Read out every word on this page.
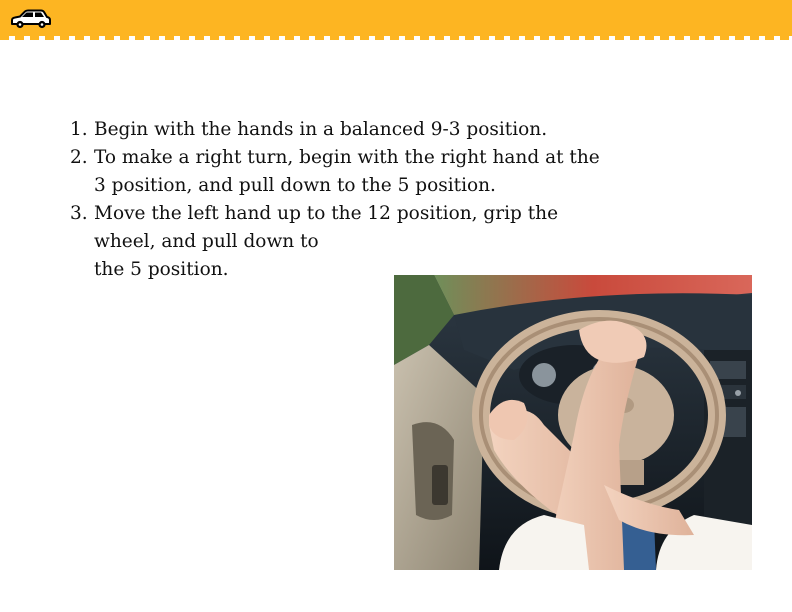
1. Begin with the hands in a balanced 9-3 position.
2. To make a right turn, begin with the right hand at the
3 position, and pull down to the 5 position.
3. Move the left hand up to the 12 position, grip the
wheel, and pull down to
the 5 position.
